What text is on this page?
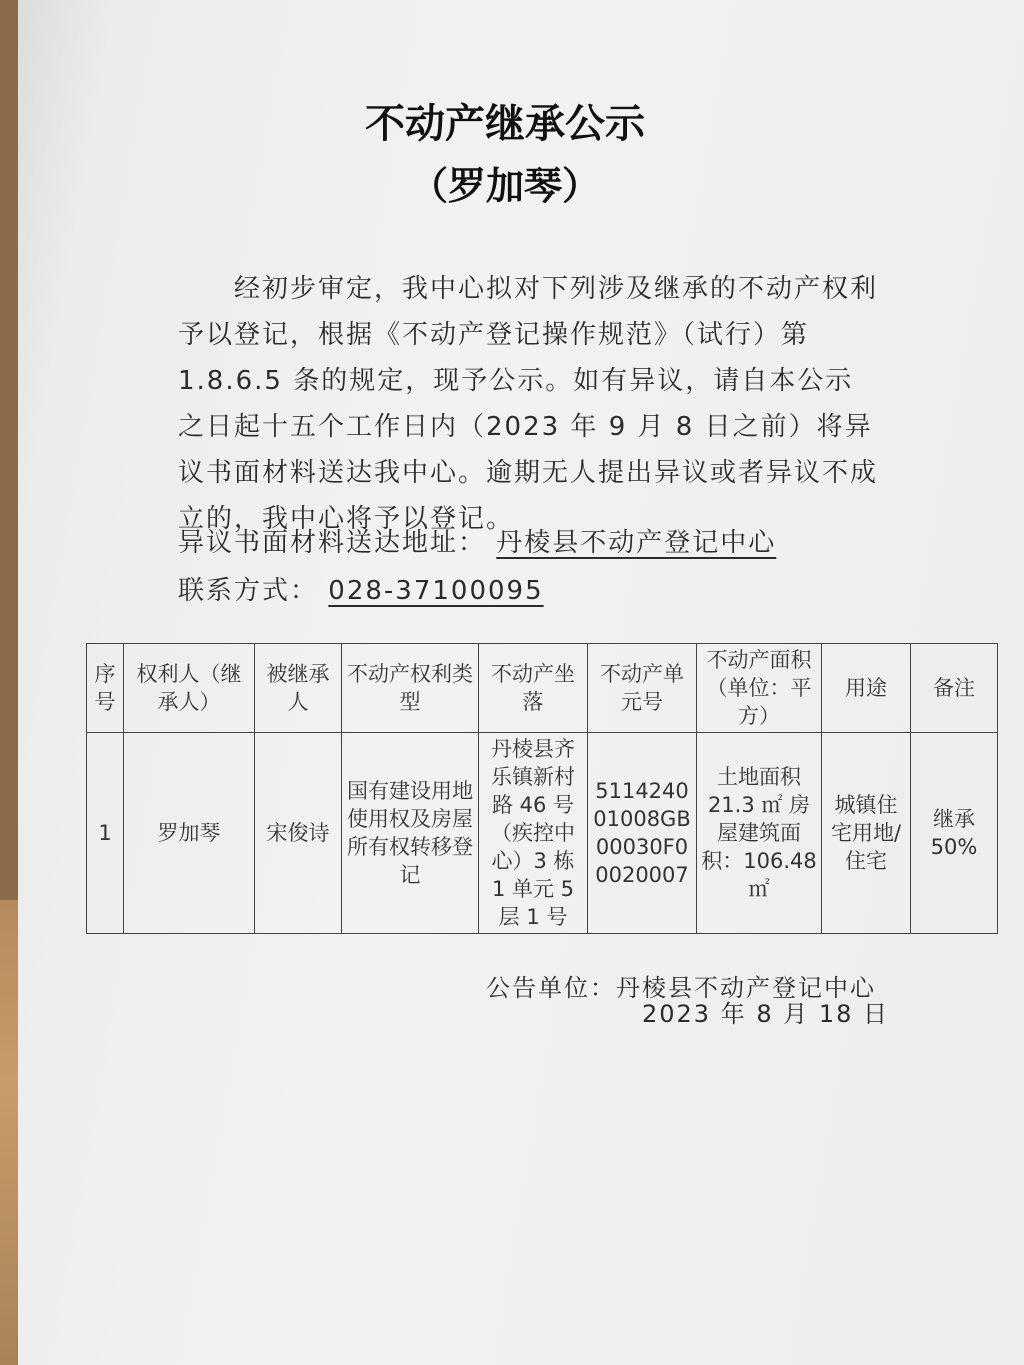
不动产继承公示
（罗加琴）
经初步审定，我中心拟对下列涉及继承的不动产权利予以登记，根据《不动产登记操作规范》（试行）第 1.8.6.5 条的规定，现予公示。如有异议，请自本公示之日起十五个工作日内（2023 年 9 月 8 日之前）将异议书面材料送达我中心。逾期无人提出异议或者异议不成立的，我中心将予以登记。
异议书面材料送达地址： 丹棱县不动产登记中心
联系方式： 028-37100095
序号	权利人（继承人）	被继承人	不动产权利类型	不动产坐落	不动产单元号	不动产面积（单位：平方）	用途	备注
1	罗加琴	宋俊诗	国有建设用地使用权及房屋所有权转移登记	丹棱县齐乐镇新村路 46 号（疾控中心）3 栋 1 单元 5 层 1 号	511424001008GB00030F00020007	土地面积 21.3 ㎡ 房屋建筑面积：106.48 ㎡	城镇住宅用地/住宅	继承 50%
公告单位：丹棱县不动产登记中心
2023 年 8 月 18 日
